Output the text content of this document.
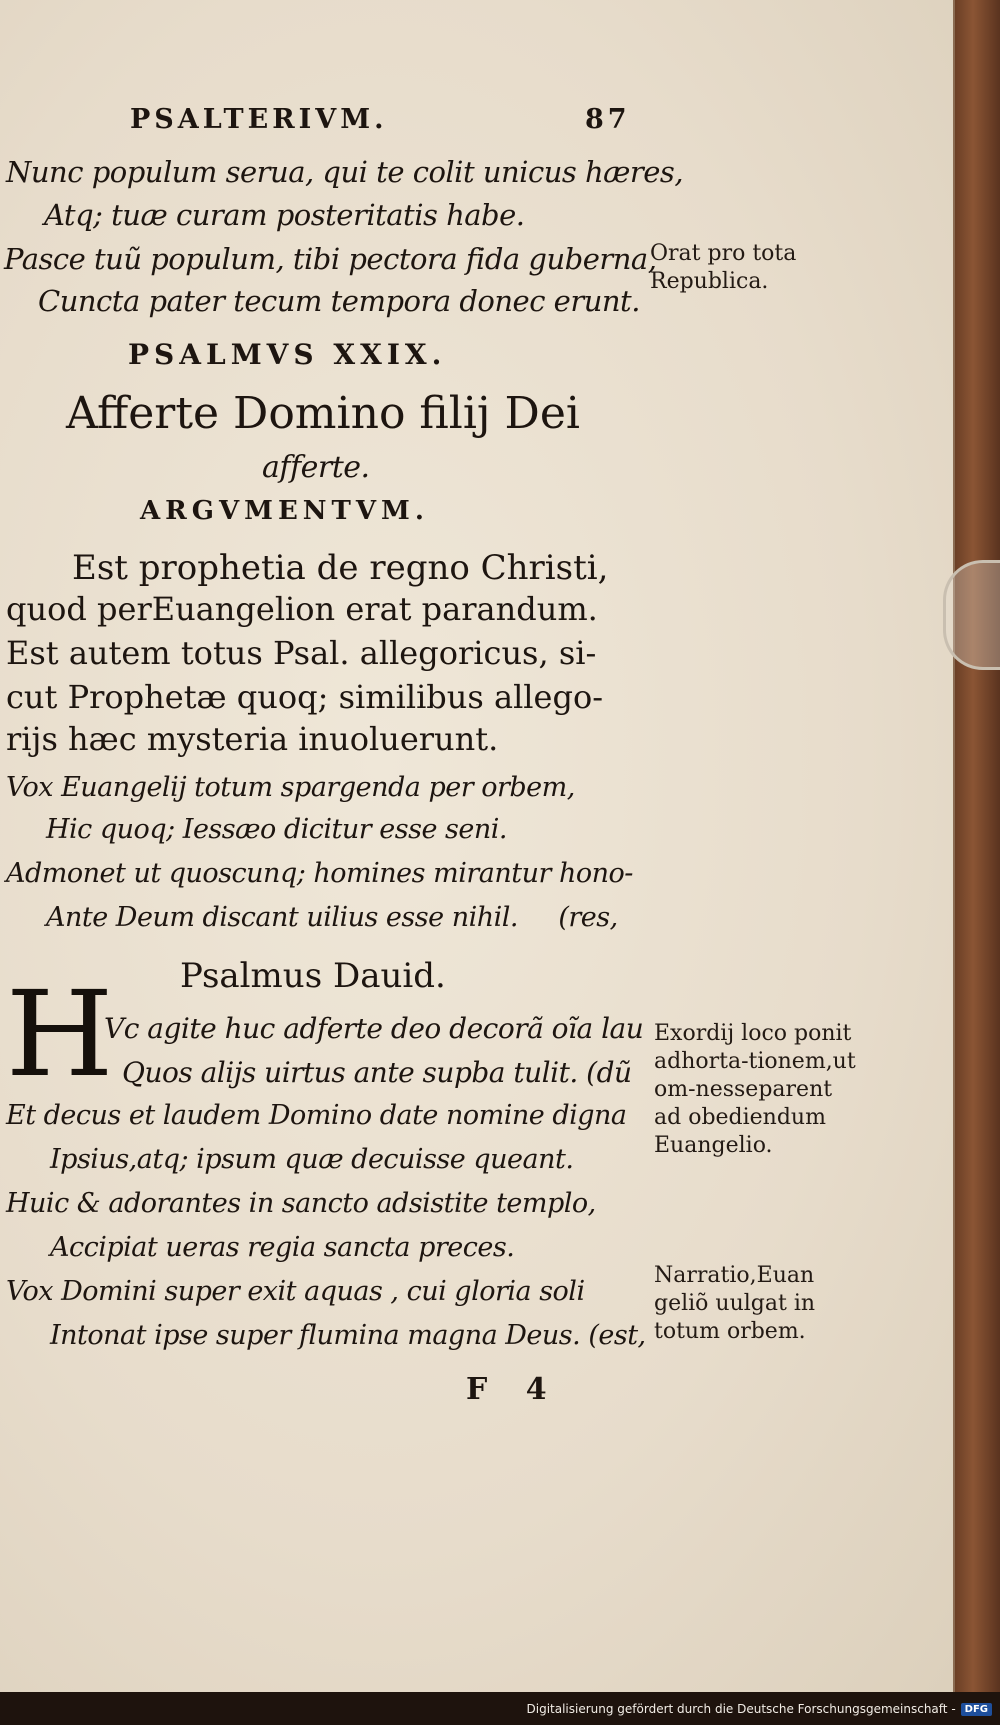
PSALTERIVM.	87
Nunc populum serua, qui te colit unicus hæres,
Atq; tuæ curam posteritatis habe.
Pasce tuũ populum, tibi pectora fida guberna,
Cuncta pater tecum tempora donec erunt.
Orat pro tota Republica.
PSALMVS XXIX.
Afferte Domino filij Dei
afferte.
ARGVMENTVM.
Est prophetia de regno Christi,
quod perEuangelion erat parandum.
Est autem totus Psal. allegoricus, si-
cut Prophetæ quoq; similibus allego-
rijs hæc mysteria inuoluerunt.
Vox Euangelij totum spargenda per orbem,
Hic quoq; Iessæo dicitur esse seni.
Admonet ut quoscunq; homines mirantur hono-
Ante Deum discant uilius esse nihil.     (res,
Psalmus Dauid.
H
Vc agite huc adferte deo decorã oĩa lau
Quos alijs uirtus ante supba tulit. (dũ
Et decus et laudem Domino date nomine digna
Ipsius,atq; ipsum quæ decuisse queant.
Huic & adorantes in sancto adsistite templo,
Accipiat ueras regia sancta preces.
Vox Domini super exit aquas , cui gloria soli
Intonat ipse super flumina magna Deus. (est,
Exordij loco ponit adhorta-tionem,ut om-nesseparent ad obediendum Euangelio.
Narratio,Euan geliõ uulgat in totum orbem.
F 4
Digitalisierung gefördert durch die Deutsche Forschungsgemeinschaft - DFG
